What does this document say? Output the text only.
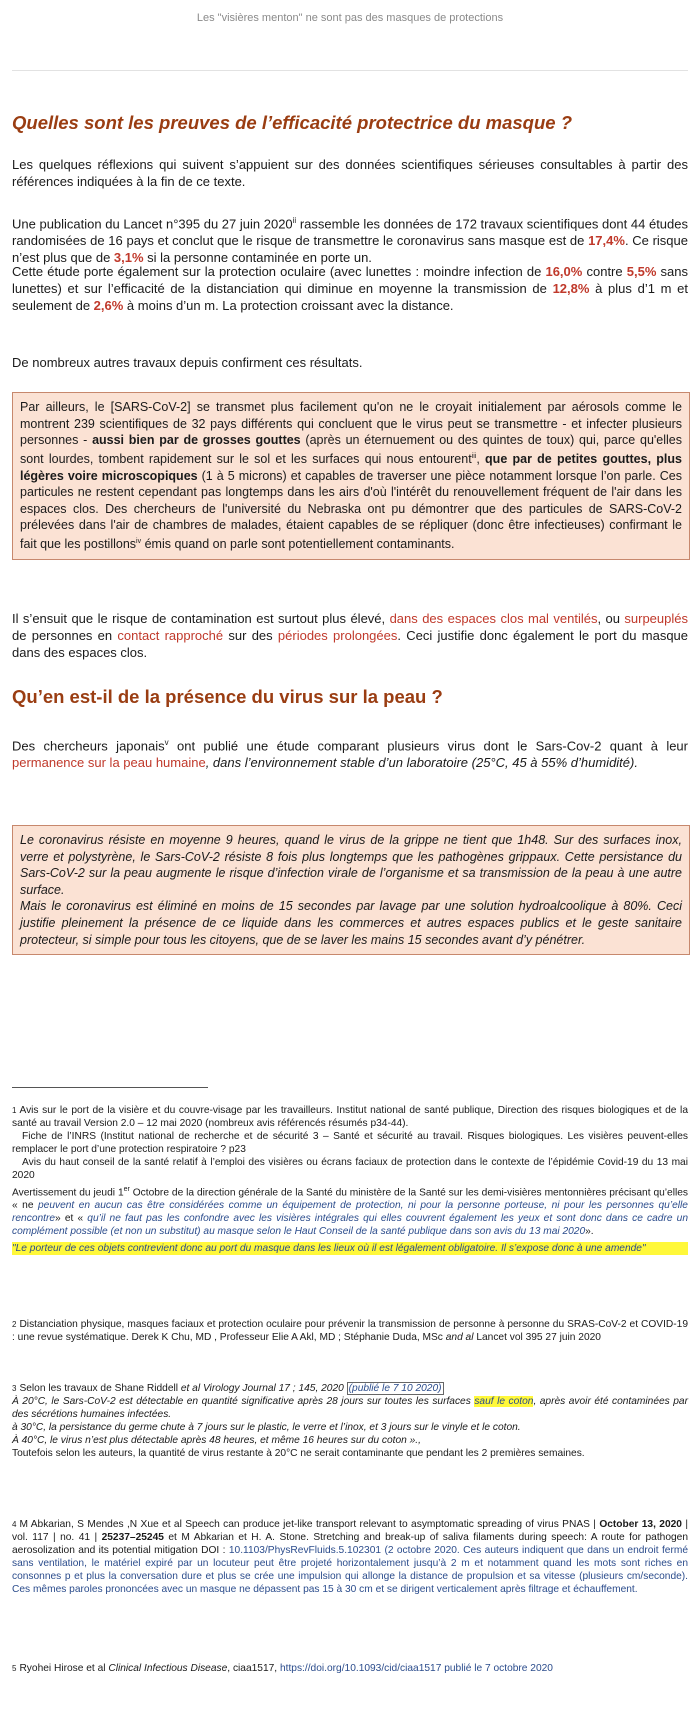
Les "visières menton" ne sont pas des masques de protections
Quelles sont les preuves de l’efficacité protectrice du masque ?

Les quelques réflexions qui suivent s’appuient sur des données scientifiques sérieuses consultables à partir des références indiquées à la fin de ce texte.

Une publication du Lancet n°395 du 27 juin 2020$^{ii}$ rassemble les données de 172 travaux scientifiques dont 44 études randomisées de 16 pays et conclut que le risque de transmettre le coronavirus sans masque est de 17,4%. Ce risque n’est plus que de 3,1% si la personne contaminée en porte un.

Cette étude porte également sur la protection oculaire (avec lunettes : moindre infection de 16,0% contre 5,5% sans lunettes) et sur l’efficacité de la distanciation qui diminue en moyenne la transmission de 12,8% à plus d’1 m et seulement de 2,6% à moins d’un m. La protection croissant avec la distance.

De nombreux autres travaux depuis confirment ces résultats.

Par ailleurs, le [SARS-CoV-2] se transmet plus facilement qu'on ne le croyait initialement par aérosols comme le montrent 239 scientifiques de 32 pays différents qui concluent que le virus peut se transmettre - et infecter plusieurs personnes - aussi bien par de grosses gouttes (après un éternuement ou des quintes de toux) qui, parce qu'elles sont lourdes, tombent rapidement sur le sol et les surfaces qui nous entourent$^{iii}$, que par de petites gouttes, plus légères voire microscopiques (1 à 5 microns) et capables de traverser une pièce notamment lorsque l’on parle. Ces particules ne restent cependant pas longtemps dans les airs d'où l'intérêt du renouvellement fréquent de l'air dans les espaces clos. Des chercheurs de l'université du Nebraska ont pu démontrer que des particules de SARS-CoV-2 prélevées dans l'air de chambres de malades, étaient capables de se répliquer (donc être infectieuses) confirmant le fait que les postillons$^{iv}$ émis quand on parle sont potentiellement contaminants.

Il s’ensuit que le risque de contamination est surtout plus élevé, dans des espaces clos mal ventilés, ou surpeuplés de personnes en contact rapproché sur des périodes prolongées. Ceci justifie donc également le port du masque dans des espaces clos.

Qu’en est-il de la présence du virus sur la peau ?

Des chercheurs japonais$^v$ ont publié une étude comparant plusieurs virus dont le Sars-Cov-2 quant à leur permanence sur la peau humaine, dans l’environnement stable d’un laboratoire (25°C, 45 à 55% d’humidité).

Le coronavirus résiste en moyenne 9 heures, quand le virus de la grippe ne tient que 1h48. Sur des surfaces inox, verre et polystyrène, le Sars-CoV-2 résiste 8 fois plus longtemps que les pathogènes grippaux. Cette persistance du Sars-CoV-2 sur la peau augmente le risque d’infection virale de l’organisme et sa transmission de la peau à une autre surface.
Mais le coronavirus est éliminé en moins de 15 secondes par lavage par une solution hydroalcoolique à 80%. Ceci justifie pleinement la présence de ce liquide dans les commerces et autres espaces publics et le geste sanitaire protecteur, si simple pour tous les citoyens, que de se laver les mains 15 secondes avant d’y pénétrer.
$^1$ Avis sur le port de la visière et du couvre-visage par les travailleurs. Institut national de santé publique, Direction des risques biologiques et de la santé au travail Version 2.0 – 12 mai 2020 (nombreux avis référencés résumés p34-44).
Fiche de l’INRS (Institut national de recherche et de sécurité 3 – Santé et sécurité au travail. Risques biologiques. Les visières peuvent-elles remplacer le port d’une protection respiratoire ? p23
Avis du haut conseil de la santé relatif à l’emploi des visières ou écrans faciaux de protection dans le contexte de l’épidémie Covid-19 du 13 mai 2020
Avertissement du jeudi 1er Octobre de la direction générale de la Santé du ministère de la Santé sur les demi-visières mentonnières précisant qu’elles « ne peuvent en aucun cas être considérées comme un équipement de protection, ni pour la personne porteuse, ni pour les personnes qu’elle rencontre» et « qu’il ne faut pas les confondre avec les visières intégrales qui elles couvrent également les yeux et sont donc dans ce cadre un complément possible (et non un substitut) au masque selon le Haut Conseil de la santé publique dans son avis du 13 mai 2020».
"Le porteur de ces objets contrevient donc au port du masque dans les lieux où il est légalement obligatoire. Il s’expose donc à une amende"
$^2$ Distanciation physique, masques faciaux et protection oculaire pour prévenir la transmission de personne à personne du SRAS-CoV-2 et COVID-19 : une revue systématique. Derek K Chu, MD , Professeur Elie A Akl, MD ; Stéphanie Duda, MSc and al Lancet vol 395 27 juin 2020
$^3$ Selon les travaux de Shane Riddell et al Virology Journal 17 ; 145, 2020 (publié le 7 10 2020)
À 20°C, le Sars-CoV-2 est détectable en quantité significative après 28 jours sur toutes les surfaces sauf le coton, après avoir été contaminées par des sécrétions humaines infectées.
à 30°C, la persistance du germe chute à 7 jours sur le plastic, le verre et l’inox, et 3 jours sur le vinyle et le coton.
À 40°C, le virus n’est plus détectable après 48 heures, et même 16 heures sur du coton ».,
Toutefois selon les auteurs, la quantité de virus restante à 20°C ne serait contaminante que pendant les 2 premières semaines.
$^4$ M Abkarian, S Mendes ,N Xue et al Speech can produce jet-like transport relevant to asymptomatic spreading of virus PNAS | October 13, 2020 | vol. 117 | no. 41 | 25237–25245 et M Abkarian et H. A. Stone. Stretching and break-up of saliva filaments during speech: A route for pathogen aerosolization and its potential mitigation DOI : 10.1103/PhysRevFluids.5.102301 (2 octobre 2020. Ces auteurs indiquent que dans un endroit fermé sans ventilation, le matériel expiré par un locuteur peut être projeté horizontalement jusqu’à 2 m et notamment quand les mots sont riches en consonnes p et plus la conversation dure et plus se crée une impulsion qui allonge la distance de propulsion et sa vitesse (plusieurs cm/seconde). Ces mêmes paroles prononcées avec un masque ne dépassent pas 15 à 30 cm et se dirigent verticalement après filtrage et échauffement.
$^5$ Ryohei Hirose et al Clinical Infectious Disease, ciaa1517, https://doi.org/10.1093/cid/ciaa1517 publié le 7 octobre 2020
